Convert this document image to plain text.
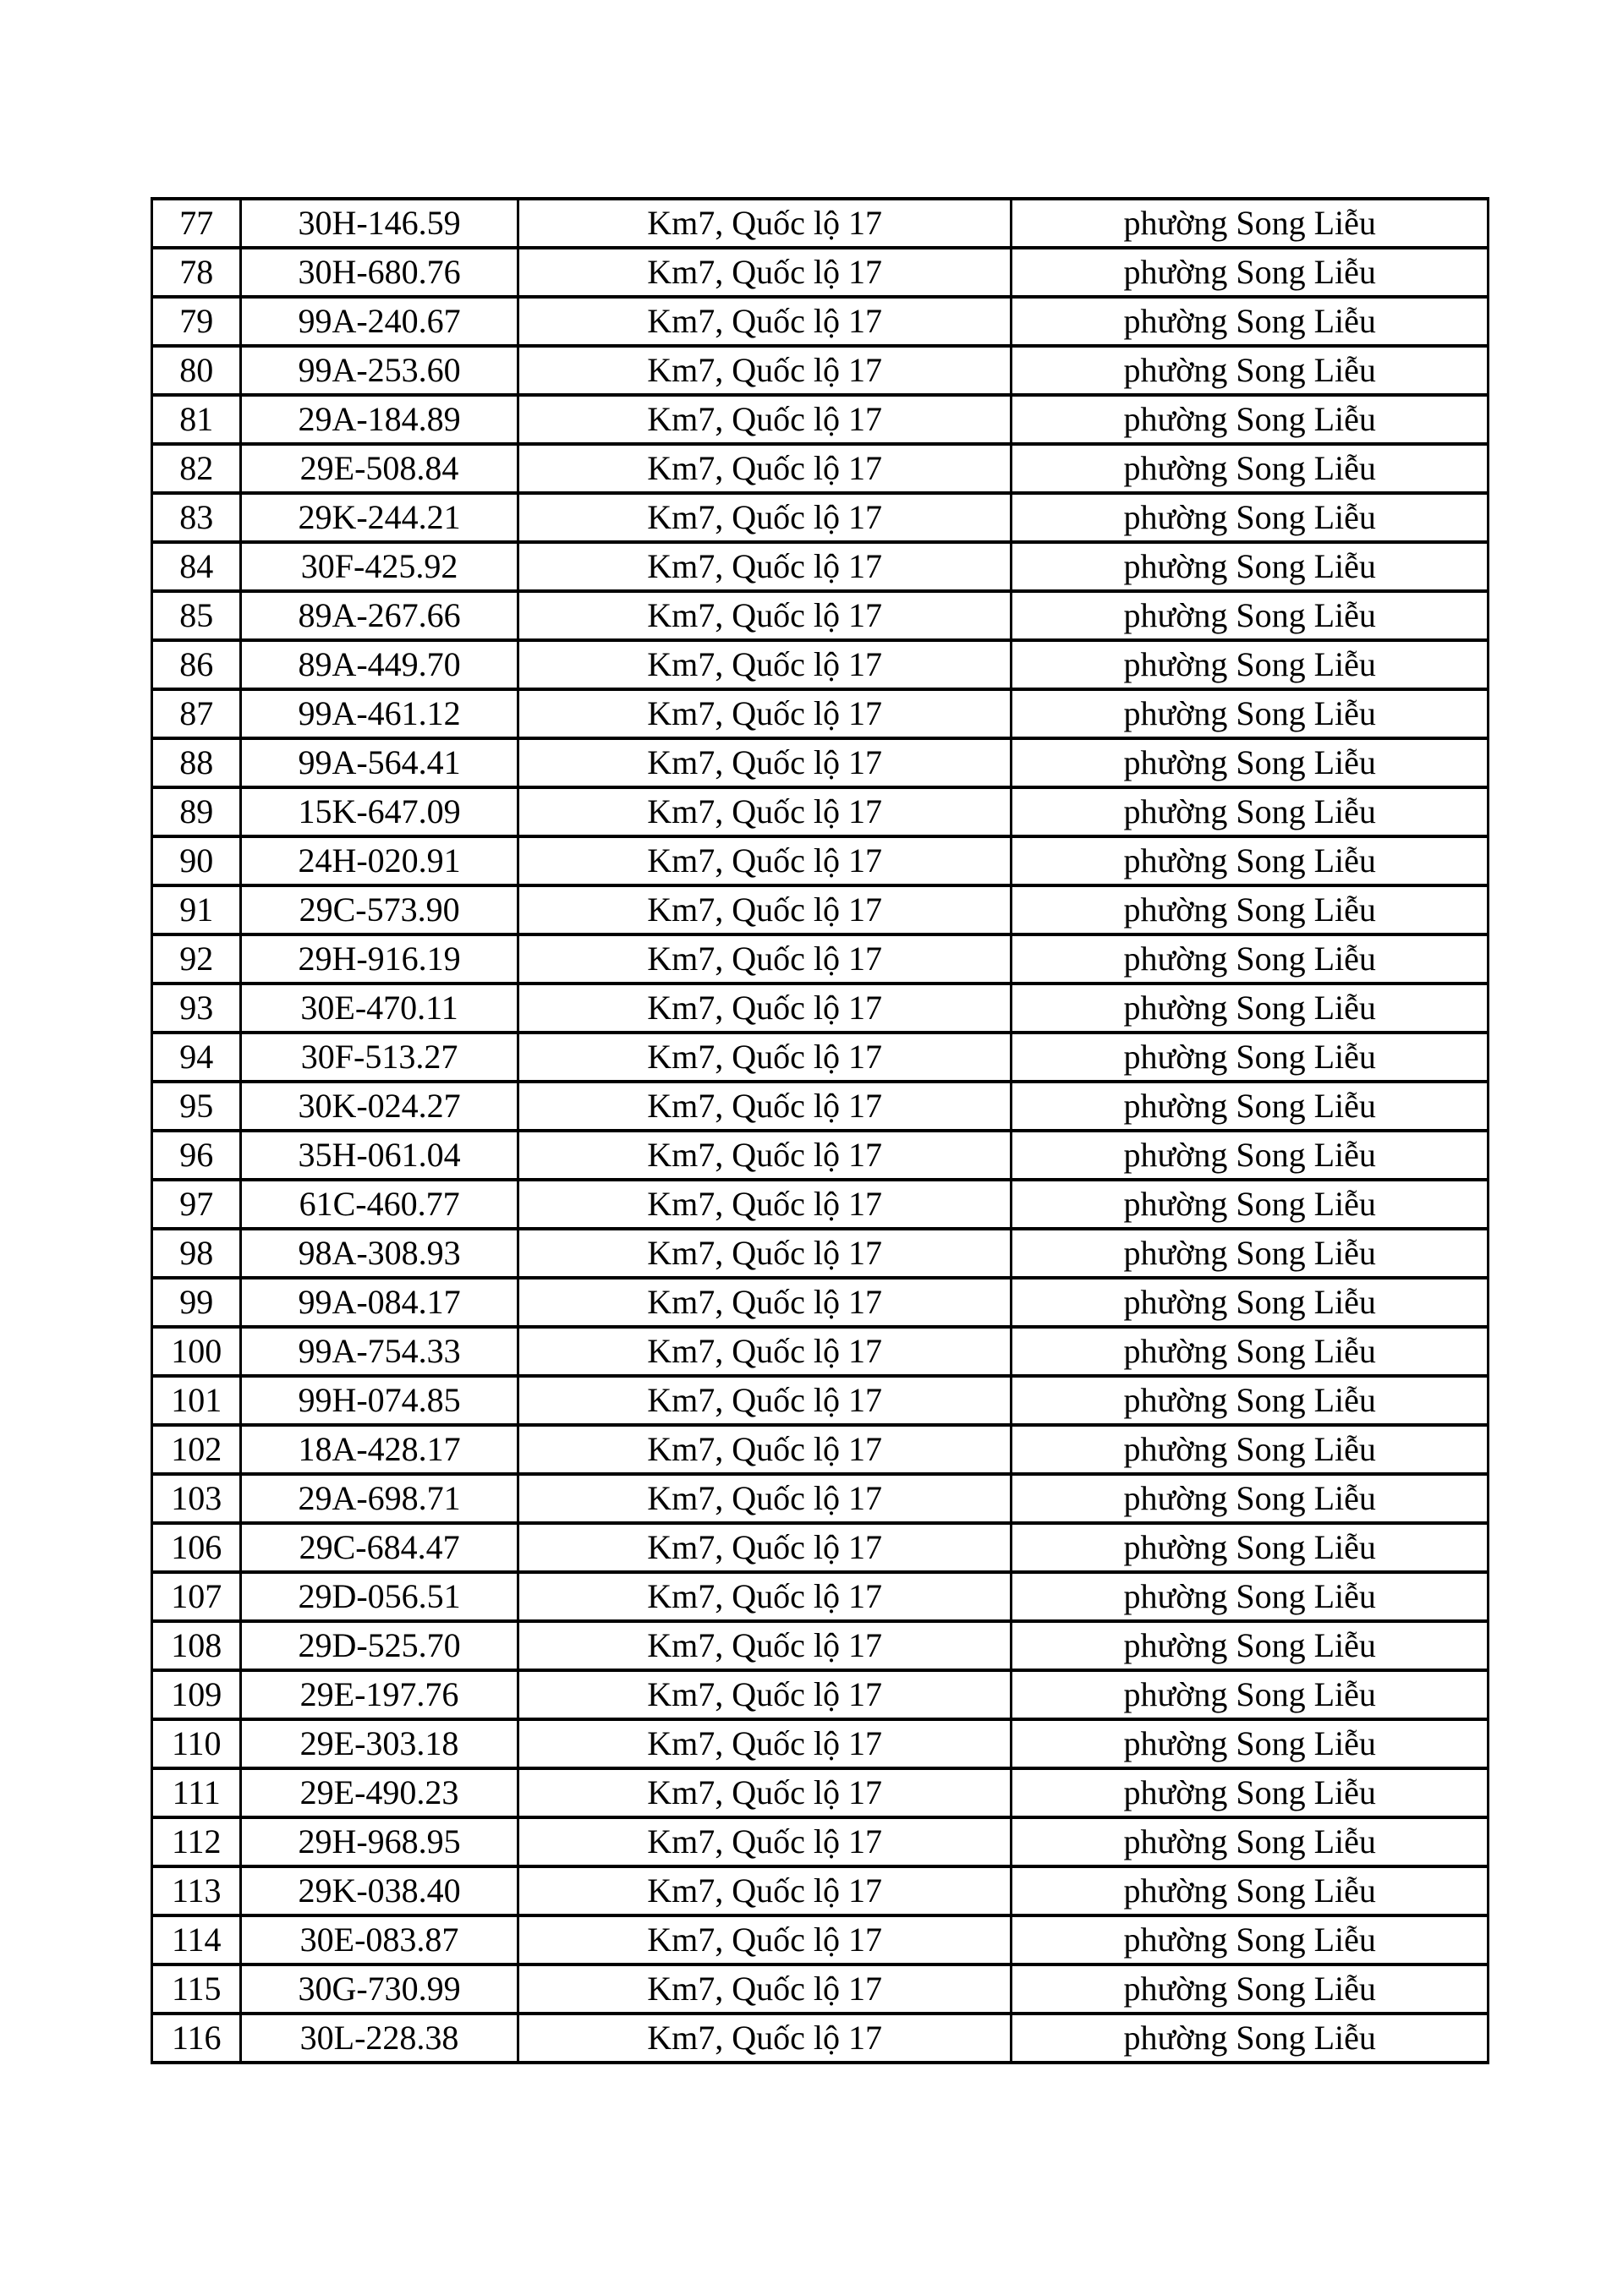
77	30H-146.59	Km7, Quốc lộ 17	phường Song Liễu
78	30H-680.76	Km7, Quốc lộ 17	phường Song Liễu
79	99A-240.67	Km7, Quốc lộ 17	phường Song Liễu
80	99A-253.60	Km7, Quốc lộ 17	phường Song Liễu
81	29A-184.89	Km7, Quốc lộ 17	phường Song Liễu
82	29E-508.84	Km7, Quốc lộ 17	phường Song Liễu
83	29K-244.21	Km7, Quốc lộ 17	phường Song Liễu
84	30F-425.92	Km7, Quốc lộ 17	phường Song Liễu
85	89A-267.66	Km7, Quốc lộ 17	phường Song Liễu
86	89A-449.70	Km7, Quốc lộ 17	phường Song Liễu
87	99A-461.12	Km7, Quốc lộ 17	phường Song Liễu
88	99A-564.41	Km7, Quốc lộ 17	phường Song Liễu
89	15K-647.09	Km7, Quốc lộ 17	phường Song Liễu
90	24H-020.91	Km7, Quốc lộ 17	phường Song Liễu
91	29C-573.90	Km7, Quốc lộ 17	phường Song Liễu
92	29H-916.19	Km7, Quốc lộ 17	phường Song Liễu
93	30E-470.11	Km7, Quốc lộ 17	phường Song Liễu
94	30F-513.27	Km7, Quốc lộ 17	phường Song Liễu
95	30K-024.27	Km7, Quốc lộ 17	phường Song Liễu
96	35H-061.04	Km7, Quốc lộ 17	phường Song Liễu
97	61C-460.77	Km7, Quốc lộ 17	phường Song Liễu
98	98A-308.93	Km7, Quốc lộ 17	phường Song Liễu
99	99A-084.17	Km7, Quốc lộ 17	phường Song Liễu
100	99A-754.33	Km7, Quốc lộ 17	phường Song Liễu
101	99H-074.85	Km7, Quốc lộ 17	phường Song Liễu
102	18A-428.17	Km7, Quốc lộ 17	phường Song Liễu
103	29A-698.71	Km7, Quốc lộ 17	phường Song Liễu
106	29C-684.47	Km7, Quốc lộ 17	phường Song Liễu
107	29D-056.51	Km7, Quốc lộ 17	phường Song Liễu
108	29D-525.70	Km7, Quốc lộ 17	phường Song Liễu
109	29E-197.76	Km7, Quốc lộ 17	phường Song Liễu
110	29E-303.18	Km7, Quốc lộ 17	phường Song Liễu
111	29E-490.23	Km7, Quốc lộ 17	phường Song Liễu
112	29H-968.95	Km7, Quốc lộ 17	phường Song Liễu
113	29K-038.40	Km7, Quốc lộ 17	phường Song Liễu
114	30E-083.87	Km7, Quốc lộ 17	phường Song Liễu
115	30G-730.99	Km7, Quốc lộ 17	phường Song Liễu
116	30L-228.38	Km7, Quốc lộ 17	phường Song Liễu
